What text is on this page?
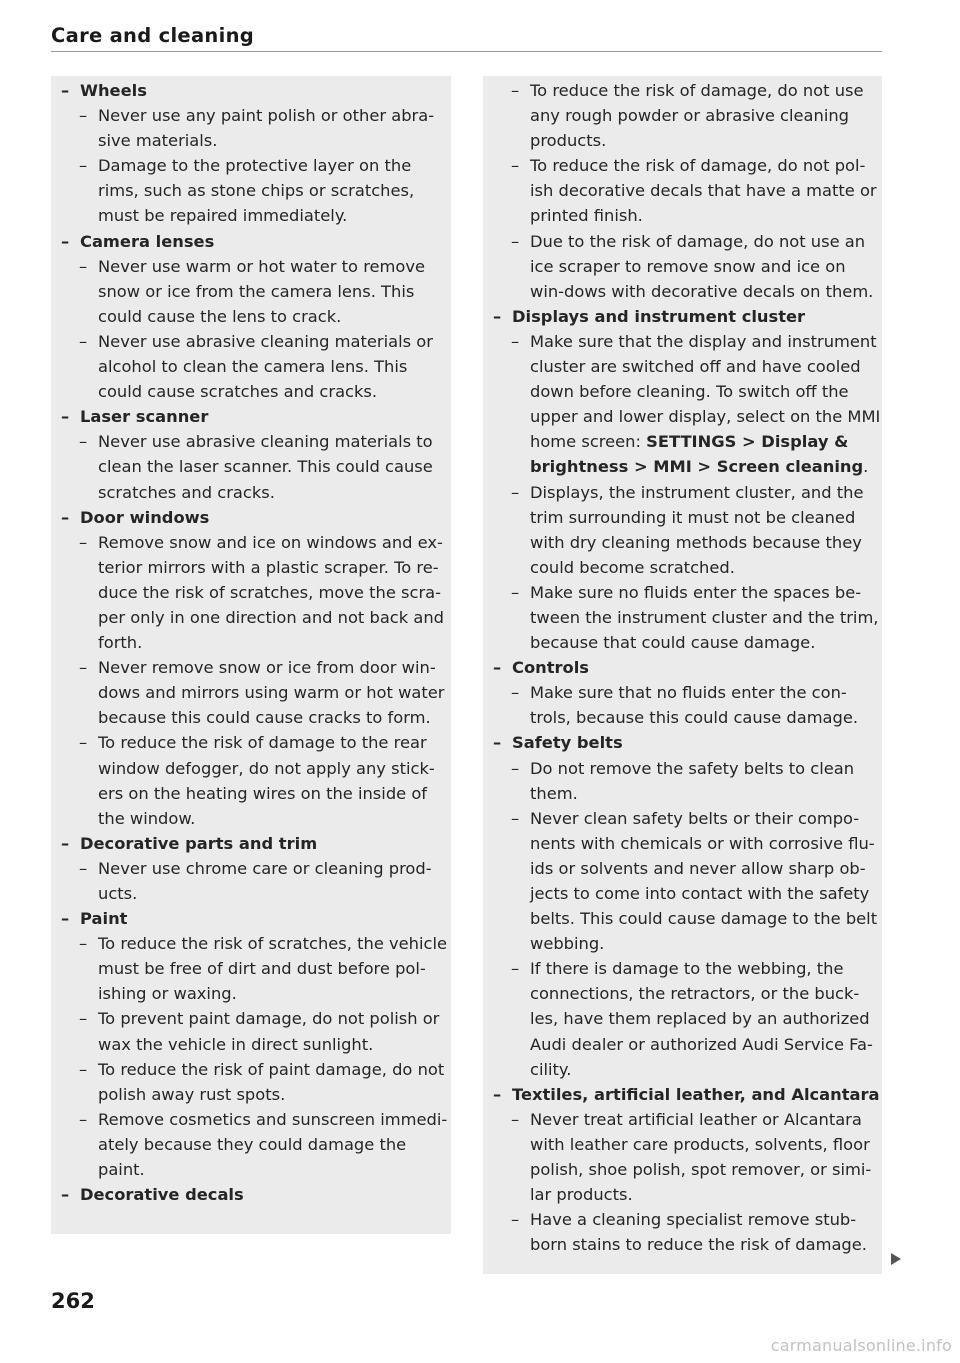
Care and cleaning
– Wheels
– Never use any paint polish or other abra-sive materials.
– Damage to the protective layer on the rims, such as stone chips or scratches, must be repaired immediately.
– Camera lenses
– Never use warm or hot water to remove snow or ice from the camera lens. This could cause the lens to crack.
– Never use abrasive cleaning materials or alcohol to clean the camera lens. This could cause scratches and cracks.
– Laser scanner
– Never use abrasive cleaning materials to clean the laser scanner. This could cause scratches and cracks.
– Door windows
– Remove snow and ice on windows and ex-terior mirrors with a plastic scraper. To re-duce the risk of scratches, move the scra-per only in one direction and not back and forth.
– Never remove snow or ice from door win-dows and mirrors using warm or hot water because this could cause cracks to form.
– To reduce the risk of damage to the rear window defogger, do not apply any stick-ers on the heating wires on the inside of the window.
– Decorative parts and trim
– Never use chrome care or cleaning prod-ucts.
– Paint
– To reduce the risk of scratches, the vehicle must be free of dirt and dust before pol-ishing or waxing.
– To prevent paint damage, do not polish or wax the vehicle in direct sunlight.
– To reduce the risk of paint damage, do not polish away rust spots.
– Remove cosmetics and sunscreen immedi-ately because they could damage the paint.
– Decorative decals
– To reduce the risk of damage, do not use any rough powder or abrasive cleaning products.
– To reduce the risk of damage, do not pol-ish decorative decals that have a matte or printed finish.
– Due to the risk of damage, do not use an ice scraper to remove snow and ice on win-dows with decorative decals on them.
– Displays and instrument cluster
– Make sure that the display and instrument cluster are switched off and have cooled down before cleaning. To switch off the upper and lower display, select on the MMI home screen: SETTINGS > Display & brightness > MMI > Screen cleaning.
– Displays, the instrument cluster, and the trim surrounding it must not be cleaned with dry cleaning methods because they could become scratched.
– Make sure no fluids enter the spaces be-tween the instrument cluster and the trim, because that could cause damage.
– Controls
– Make sure that no fluids enter the con-trols, because this could cause damage.
– Safety belts
– Do not remove the safety belts to clean them.
– Never clean safety belts or their compo-nents with chemicals or with corrosive flu-ids or solvents and never allow sharp ob-jects to come into contact with the safety belts. This could cause damage to the belt webbing.
– If there is damage to the webbing, the connections, the retractors, or the buck-les, have them replaced by an authorized Audi dealer or authorized Audi Service Fa-cility.
– Textiles, artificial leather, and Alcantara
– Never treat artificial leather or Alcantara with leather care products, solvents, floor polish, shoe polish, spot remover, or simi-lar products.
– Have a cleaning specialist remove stub-born stains to reduce the risk of damage.
262
carmanualsonline.info
